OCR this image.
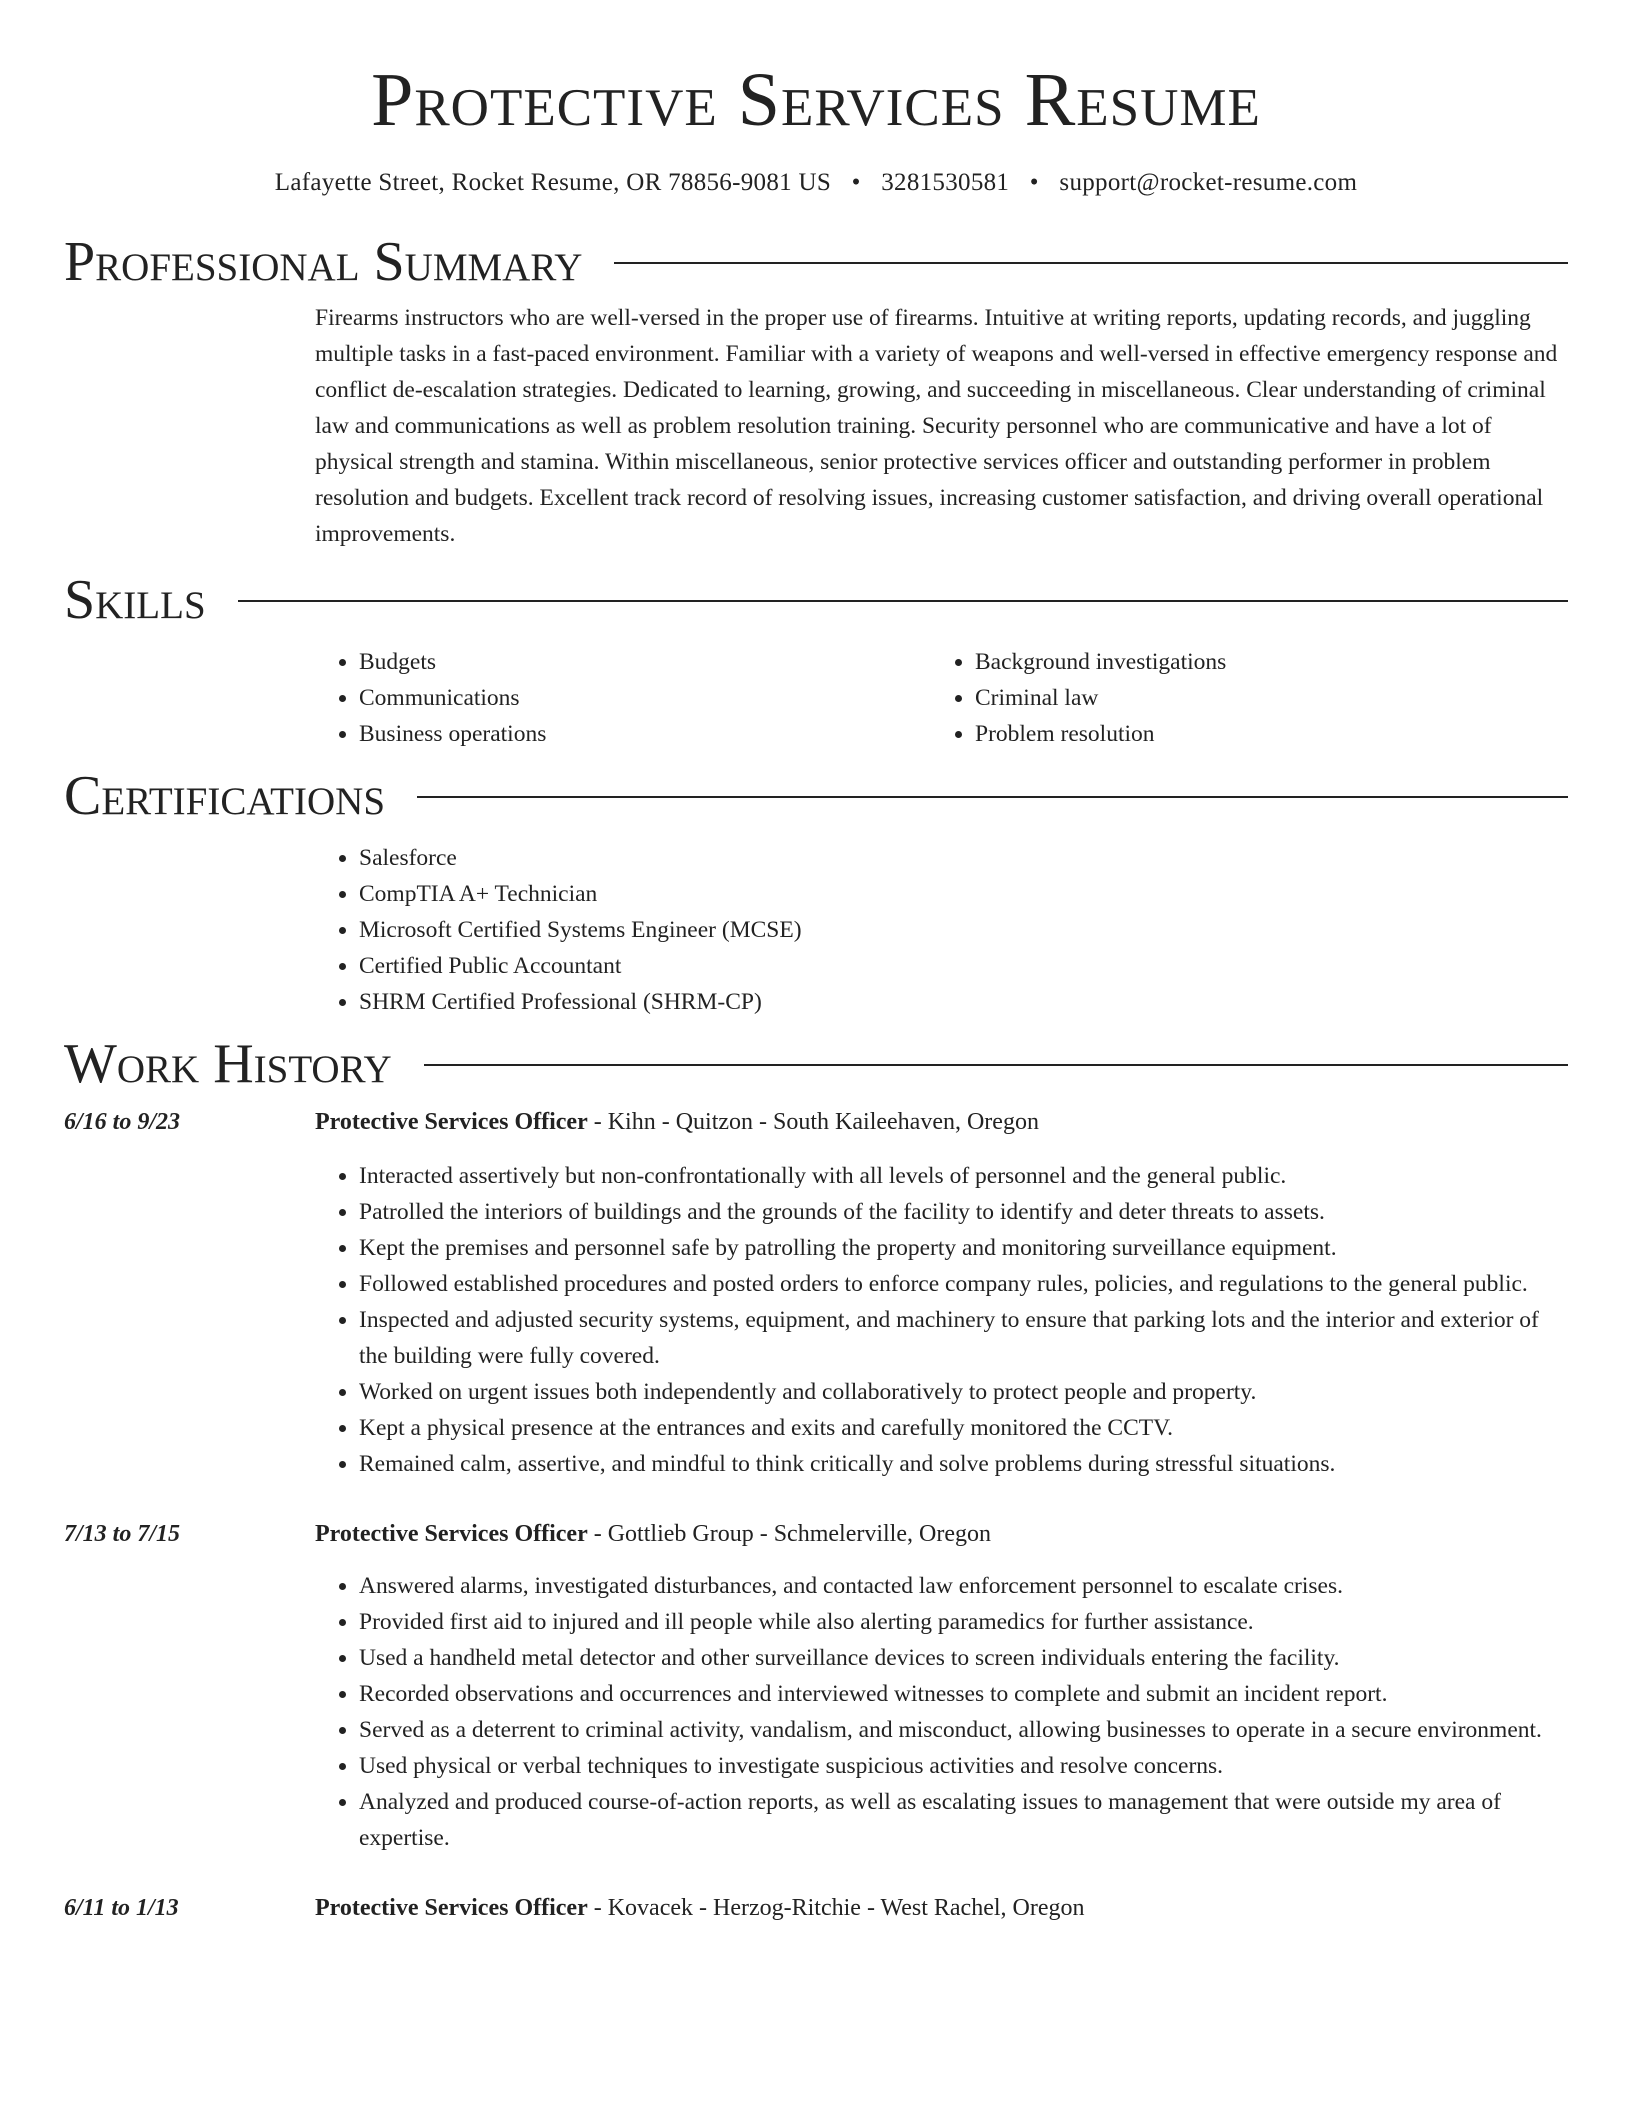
Protective Services Resume
Lafayette Street, Rocket Resume, OR 78856-9081 US • 3281530581 • support@rocket-resume.com
Professional Summary

Firearms instructors who are well-versed in the proper use of firearms. Intuitive at writing reports, updating records, and juggling multiple tasks in a fast-paced environment. Familiar with a variety of weapons and well-versed in effective emergency response and conflict de-escalation strategies. Dedicated to learning, growing, and succeeding in miscellaneous. Clear understanding of criminal law and communications as well as problem resolution training. Security personnel who are communicative and have a lot of physical strength and stamina. Within miscellaneous, senior protective services officer and outstanding performer in problem resolution and budgets. Excellent track record of resolving issues, increasing customer satisfaction, and driving overall operational improvements.

Skills
• Budgets
• Communications
• Business operations
• Background investigations
• Criminal law
• Problem resolution
Certifications
• Salesforce
• CompTIA A+ Technician
• Microsoft Certified Systems Engineer (MCSE)
• Certified Public Accountant
• SHRM Certified Professional (SHRM-CP)
Work History
6/16 to 9/23	Protective Services Officer - Kihn - Quitzon - South Kaileehaven, Oregon
• Interacted assertively but non-confrontationally with all levels of personnel and the general public.
• Patrolled the interiors of buildings and the grounds of the facility to identify and deter threats to assets.
• Kept the premises and personnel safe by patrolling the property and monitoring surveillance equipment.
• Followed established procedures and posted orders to enforce company rules, policies, and regulations to the general public.
• Inspected and adjusted security systems, equipment, and machinery to ensure that parking lots and the interior and exterior of the building were fully covered.
• Worked on urgent issues both independently and collaboratively to protect people and property.
• Kept a physical presence at the entrances and exits and carefully monitored the CCTV.
• Remained calm, assertive, and mindful to think critically and solve problems during stressful situations.
7/13 to 7/15	Protective Services Officer - Gottlieb Group - Schmelerville, Oregon
• Answered alarms, investigated disturbances, and contacted law enforcement personnel to escalate crises.
• Provided first aid to injured and ill people while also alerting paramedics for further assistance.
• Used a handheld metal detector and other surveillance devices to screen individuals entering the facility.
• Recorded observations and occurrences and interviewed witnesses to complete and submit an incident report.
• Served as a deterrent to criminal activity, vandalism, and misconduct, allowing businesses to operate in a secure environment.
• Used physical or verbal techniques to investigate suspicious activities and resolve concerns.
• Analyzed and produced course-of-action reports, as well as escalating issues to management that were outside my area of expertise.
6/11 to 1/13	Protective Services Officer - Kovacek - Herzog-Ritchie - West Rachel, Oregon
